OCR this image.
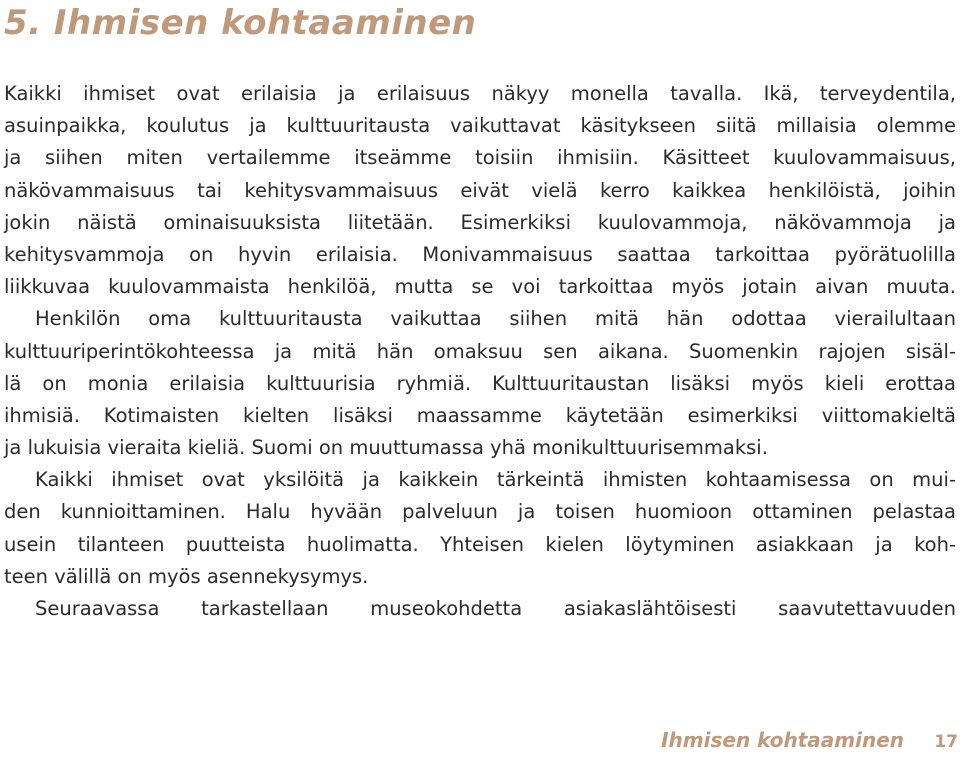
5. Ihmisen kohtaaminen
Kaikki ihmiset ovat erilaisia ja erilaisuus näkyy monella tavalla. Ikä, terveydentila,
asuinpaikka, koulutus ja kulttuuritausta vaikuttavat käsitykseen siitä millaisia olemme
ja siihen miten vertailemme itseämme toisiin ihmisiin. Käsitteet kuulovammaisuus,
näkövammaisuus tai kehitysvammaisuus eivät vielä kerro kaikkea henkilöistä, joihin
jokin näistä ominaisuuksista liitetään. Esimerkiksi kuulovammoja, näkövammoja ja
kehitysvammoja on hyvin erilaisia. Monivammaisuus saattaa tarkoittaa pyörätuolilla
liikkuvaa kuulovammaista henkilöä, mutta se voi tarkoittaa myös jotain aivan muuta.
Henkilön oma kulttuuritausta vaikuttaa siihen mitä hän odottaa vierailultaan
kulttuuriperintökohteessa ja mitä hän omaksuu sen aikana. Suomenkin rajojen sisäl-
lä on monia erilaisia kulttuurisia ryhmiä. Kulttuuritaustan lisäksi myös kieli erottaa
ihmisiä. Kotimaisten kielten lisäksi maassamme käytetään esimerkiksi viittomakieltä
ja lukuisia vieraita kieliä. Suomi on muuttumassa yhä monikulttuurisemmaksi.
Kaikki ihmiset ovat yksilöitä ja kaikkein tärkeintä ihmisten kohtaamisessa on mui-
den kunnioittaminen. Halu hyvään palveluun ja toisen huomioon ottaminen pelastaa
usein tilanteen puutteista huolimatta. Yhteisen kielen löytyminen asiakkaan ja koh-
teen välillä on myös asennekysymys.
Seuraavassa tarkastellaan museokohdetta asiakaslähtöisesti saavutettavuuden
Ihmisen kohtaaminen 17
